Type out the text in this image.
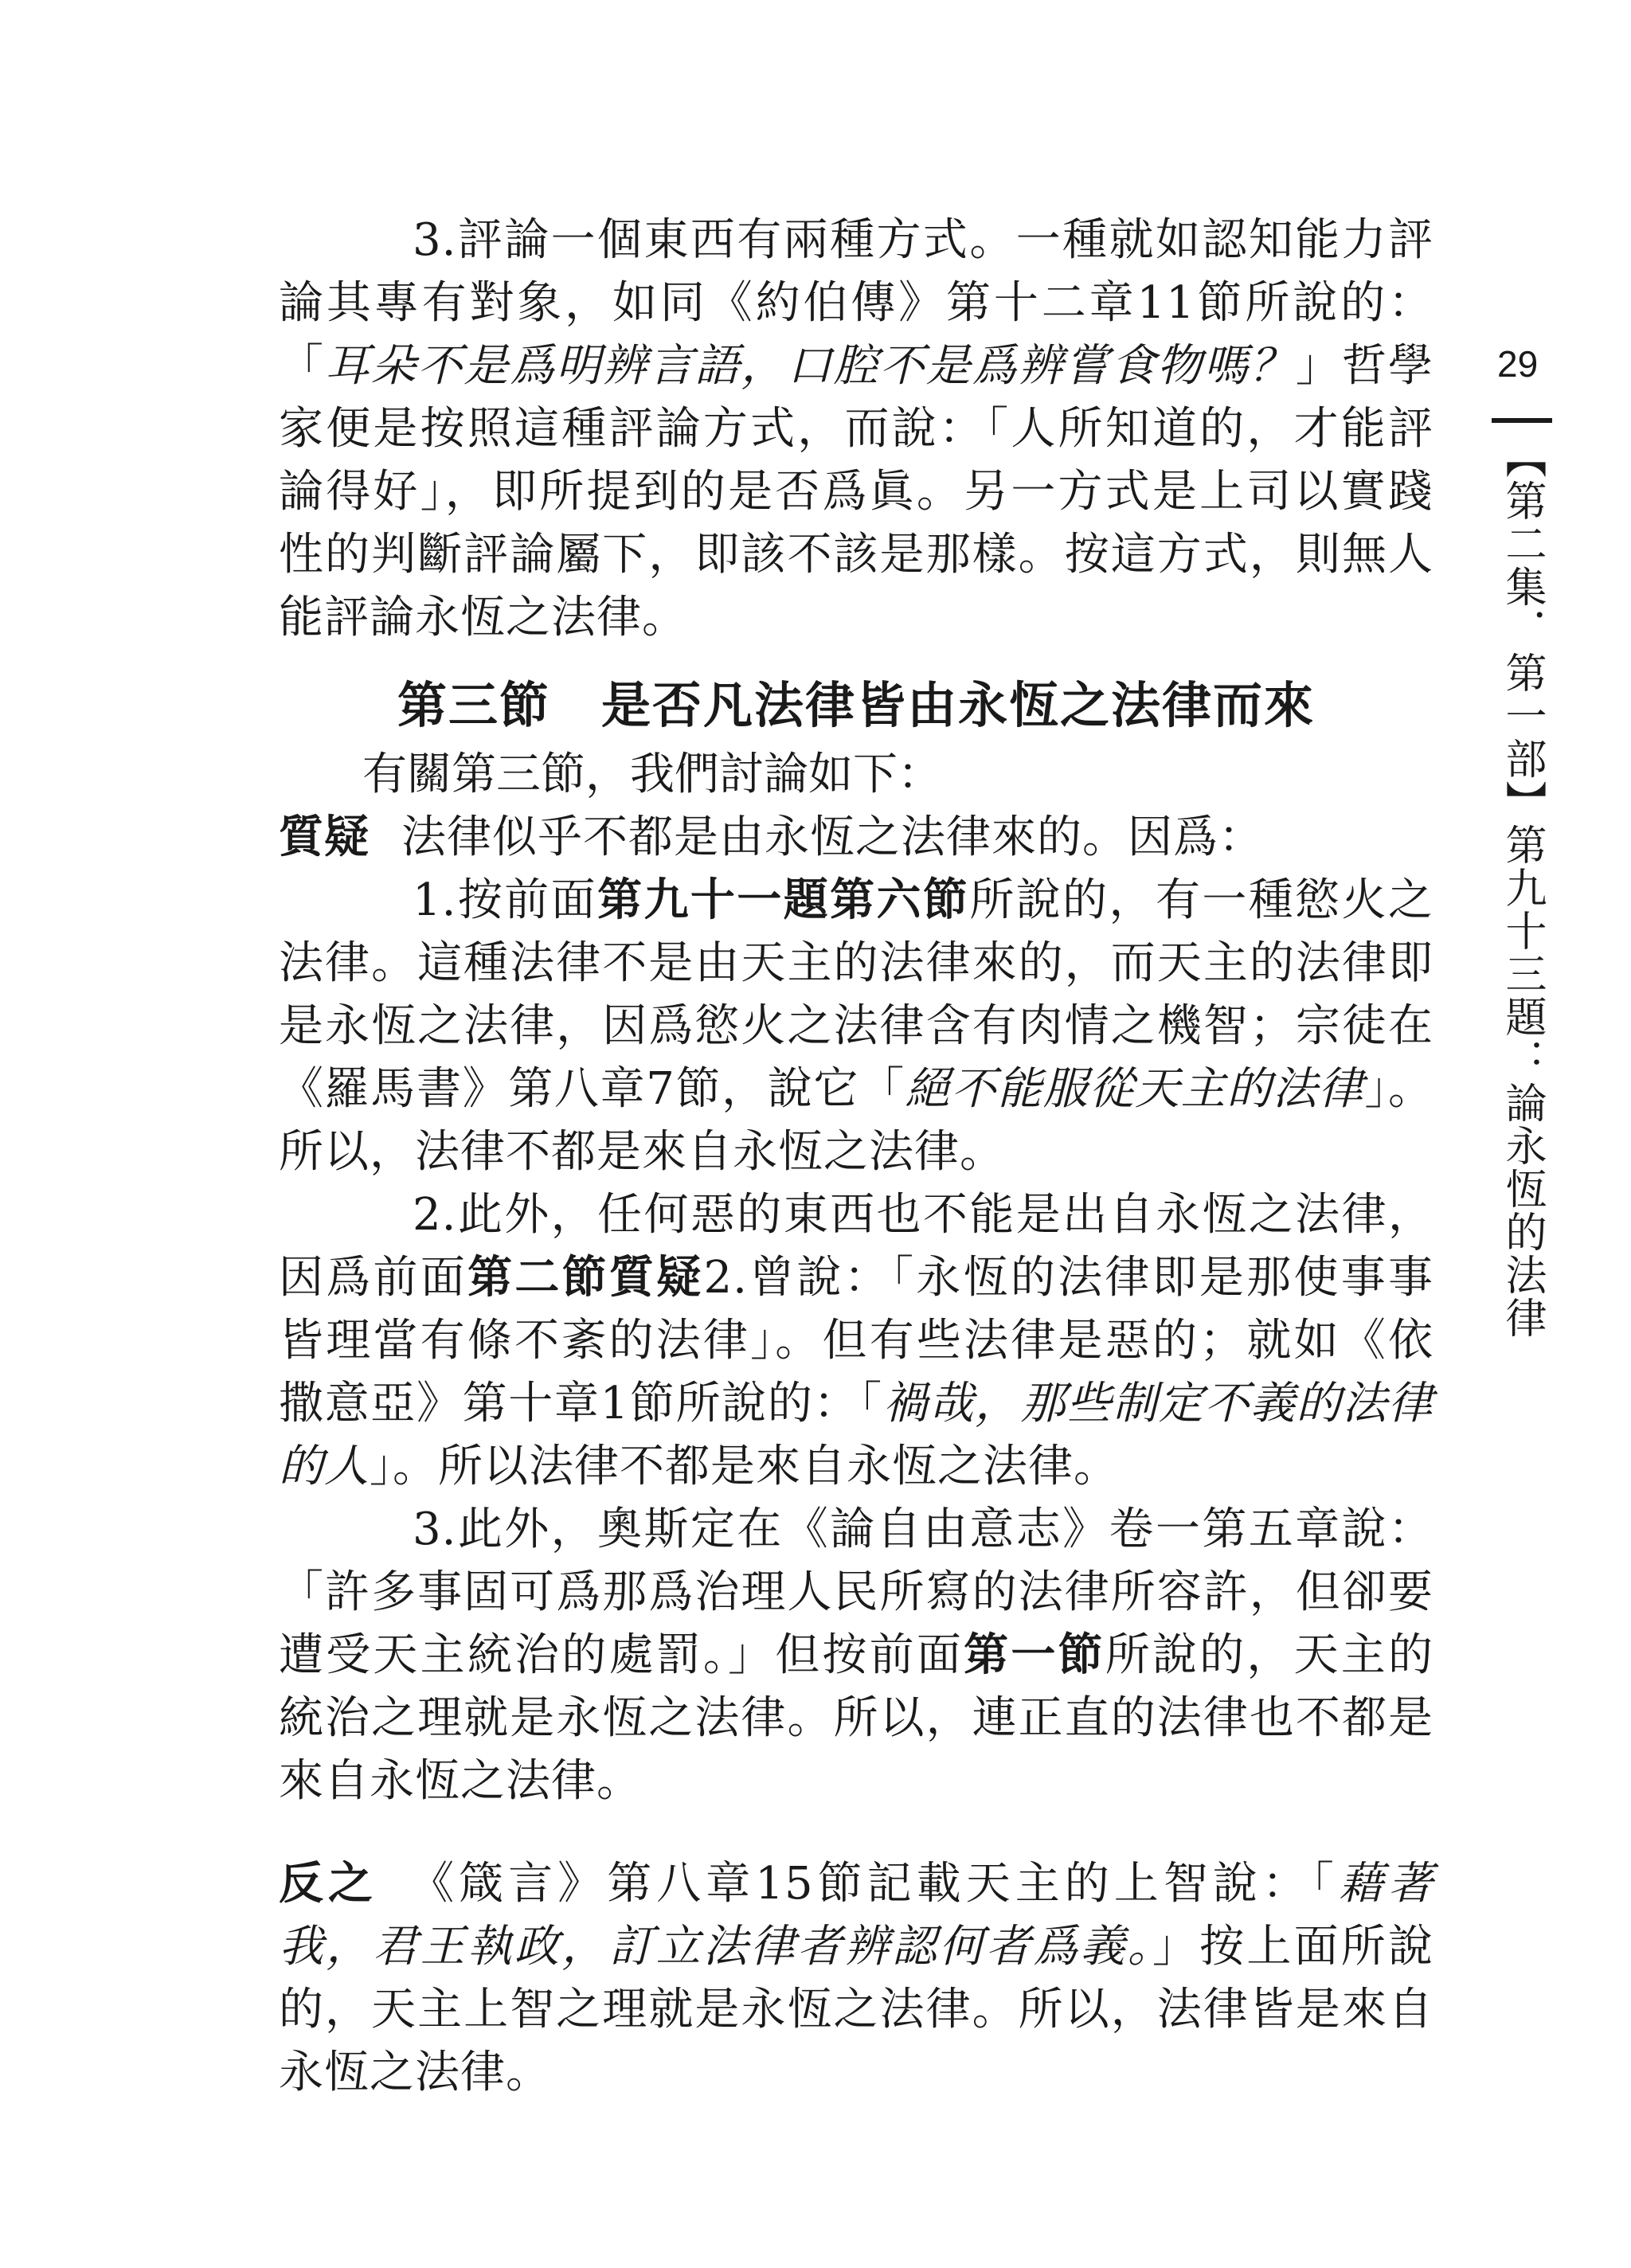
3.評論一個東西有兩種方式。一種就如認知能力評論其專有對象，如同《約伯傳》第十二章11節所說的：「耳朵不是爲明辨言語，口腔不是爲辨嘗食物嗎？」哲學家便是按照這種評論方式，而說：「人所知道的，才能評論得好」，即所提到的是否爲眞。另一方式是上司以實踐性的判斷評論屬下，即該不該是那樣。按這方式，則無人能評論永恆之法律。

第三節　是否凡法律皆由永恆之法律而來
有關第三節，我們討論如下：

質疑 法律似乎不都是由永恆之法律來的。因爲：

1.按前面第九十一題第六節所說的，有一種慾火之法律。這種法律不是由天主的法律來的，而天主的法律即是永恆之法律，因爲慾火之法律含有肉情之機智；宗徒在《羅馬書》第八章7節，說它「絕不能服從天主的法律」。所以，法律不都是來自永恆之法律。

2.此外，任何惡的東西也不能是出自永恆之法律，因爲前面第二節質疑2.曾說：「永恆的法律即是那使事事皆理當有條不紊的法律」。但有些法律是惡的；就如《依撒意亞》第十章1節所說的：「禍哉，那些制定不義的法律的人」。所以法律不都是來自永恆之法律。

3.此外，奧斯定在《論自由意志》卷一第五章說：「許多事固可爲那爲治理人民所寫的法律所容許，但卻要遭受天主統治的處罰。」但按前面第一節所說的，天主的統治之理就是永恆之法律。所以，連正直的法律也不都是來自永恆之法律。

反之 《箴言》第八章15節記載天主的上智說：「藉著我，君王執政，訂立法律者辨認何者爲義。」按上面所說的，天主上智之理就是永恆之法律。所以，法律皆是來自永恆之法律。

29
【第二集．第一部】第九十三題：論永恆的法律
